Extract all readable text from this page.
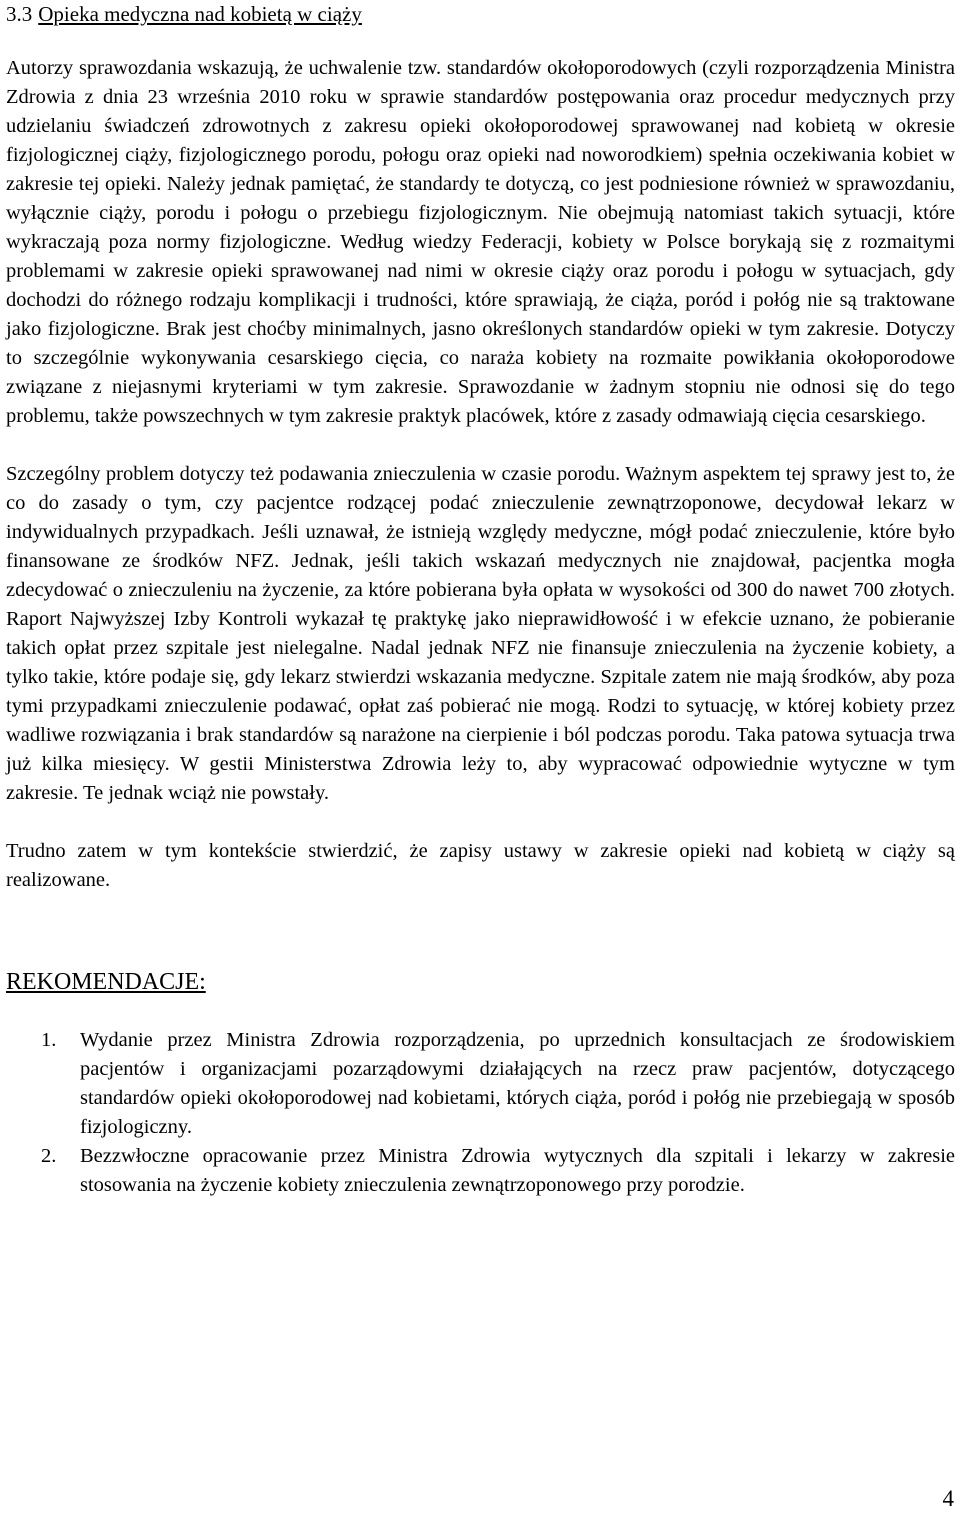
3.3 Opieka medyczna nad kobietą w ciąży

Autorzy sprawozdania wskazują, że uchwalenie tzw. standardów okołoporodowych (czyli rozporządzenia Ministra Zdrowia z dnia 23 września 2010 roku w sprawie standardów postępowania oraz procedur medycznych przy udzielaniu świadczeń zdrowotnych z zakresu opieki okołoporodowej sprawowanej nad kobietą w okresie fizjologicznej ciąży, fizjologicznego porodu, połogu oraz opieki nad noworodkiem) spełnia oczekiwania kobiet w zakresie tej opieki. Należy jednak pamiętać, że standardy te dotyczą, co jest podniesione również w sprawozdaniu, wyłącznie ciąży, porodu i połogu o przebiegu fizjologicznym. Nie obejmują natomiast takich sytuacji, które wykraczają poza normy fizjologiczne. Według wiedzy Federacji, kobiety w Polsce borykają się z rozmaitymi problemami w zakresie opieki sprawowanej nad nimi w okresie ciąży oraz porodu i połogu w sytuacjach, gdy dochodzi do różnego rodzaju komplikacji i trudności, które sprawiają, że ciąża, poród i połóg nie są traktowane jako fizjologiczne. Brak jest choćby minimalnych, jasno określonych standardów opieki w tym zakresie. Dotyczy to szczególnie wykonywania cesarskiego cięcia, co naraża kobiety na rozmaite powikłania okołoporodowe związane z niejasnymi kryteriami w tym zakresie. Sprawozdanie w żadnym stopniu nie odnosi się do tego problemu, także powszechnych w tym zakresie praktyk placówek, które z zasady odmawiają cięcia cesarskiego.

Szczególny problem dotyczy też podawania znieczulenia w czasie porodu. Ważnym aspektem tej sprawy jest to, że co do zasady o tym, czy pacjentce rodzącej podać znieczulenie zewnątrzoponowe, decydował lekarz w indywidualnych przypadkach. Jeśli uznawał, że istnieją względy medyczne, mógł podać znieczulenie, które było finansowane ze środków NFZ. Jednak, jeśli takich wskazań medycznych nie znajdował, pacjentka mogła zdecydować o znieczuleniu na życzenie, za które pobierana była opłata w wysokości od 300 do nawet 700 złotych. Raport Najwyższej Izby Kontroli wykazał tę praktykę jako nieprawidłowość i w efekcie uznano, że pobieranie takich opłat przez szpitale jest nielegalne. Nadal jednak NFZ nie finansuje znieczulenia na życzenie kobiety, a tylko takie, które podaje się, gdy lekarz stwierdzi wskazania medyczne. Szpitale zatem nie mają środków, aby poza tymi przypadkami znieczulenie podawać, opłat zaś pobierać nie mogą. Rodzi to sytuację, w której kobiety przez wadliwe rozwiązania i brak standardów są narażone na cierpienie i ból podczas porodu. Taka patowa sytuacja trwa już kilka miesięcy. W gestii Ministerstwa Zdrowia leży to, aby wypracować odpowiednie wytyczne w tym zakresie. Te jednak wciąż nie powstały.

Trudno zatem w tym kontekście stwierdzić, że zapisy ustawy w zakresie opieki nad kobietą w ciąży są realizowane.

REKOMENDACJE:
1.	Wydanie przez Ministra Zdrowia rozporządzenia, po uprzednich konsultacjach ze środowiskiem pacjentów i organizacjami pozarządowymi działających na rzecz praw pacjentów, dotyczącego standardów opieki okołoporodowej nad kobietami, których ciąża, poród i połóg nie przebiegają w sposób fizjologiczny.
2.	Bezzwłoczne opracowanie przez Ministra Zdrowia wytycznych dla szpitali i lekarzy w zakresie stosowania na życzenie kobiety znieczulenia zewnątrzoponowego przy porodzie.
4
